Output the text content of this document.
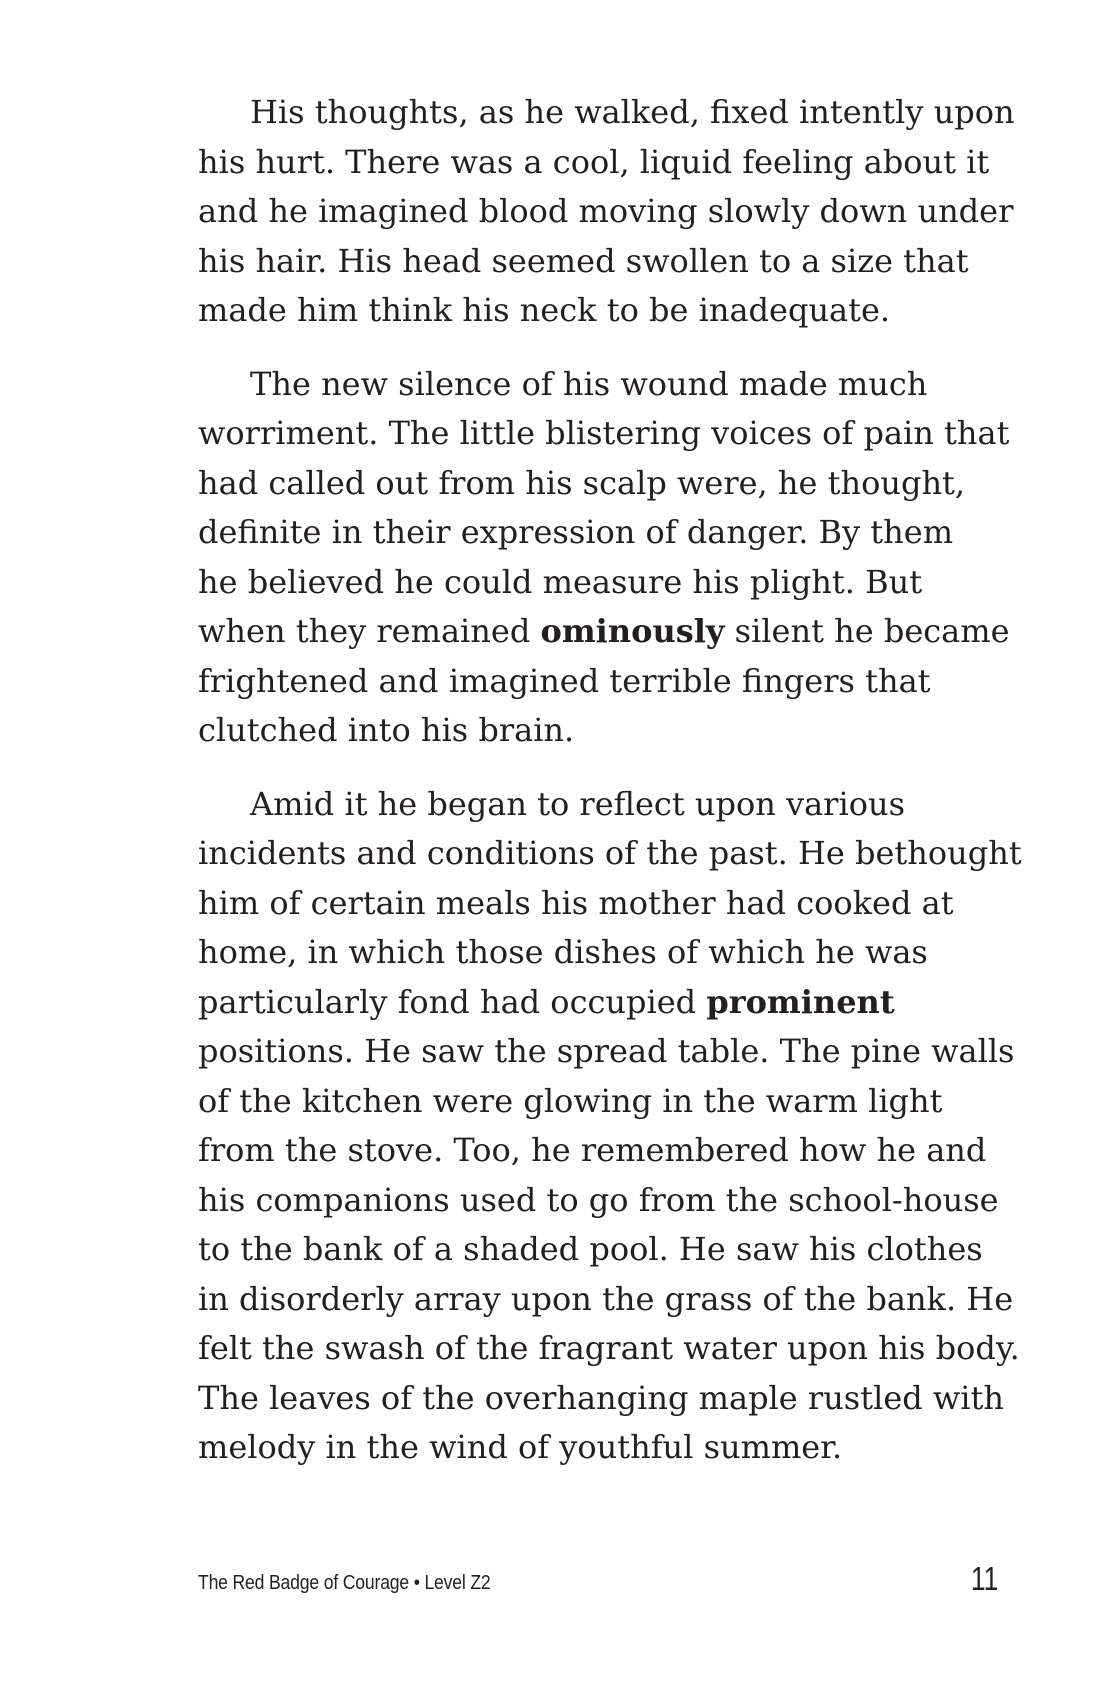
His thoughts, as he walked, fixed intently upon
his hurt. There was a cool, liquid feeling about it
and he imagined blood moving slowly down under
his hair. His head seemed swollen to a size that
made him think his neck to be inadequate.

The new silence of his wound made much
worriment. The little blistering voices of pain that
had called out from his scalp were, he thought,
definite in their expression of danger. By them
he believed he could measure his plight. But
when they remained ominously silent he became
frightened and imagined terrible fingers that
clutched into his brain.

Amid it he began to reflect upon various
incidents and conditions of the past. He bethought
him of certain meals his mother had cooked at
home, in which those dishes of which he was
particularly fond had occupied prominent
positions. He saw the spread table. The pine walls
of the kitchen were glowing in the warm light
from the stove. Too, he remembered how he and
his companions used to go from the school-house
to the bank of a shaded pool. He saw his clothes
in disorderly array upon the grass of the bank. He
felt the swash of the fragrant water upon his body.
The leaves of the overhanging maple rustled with
melody in the wind of youthful summer.

The Red Badge of Courage • Level Z2	11
